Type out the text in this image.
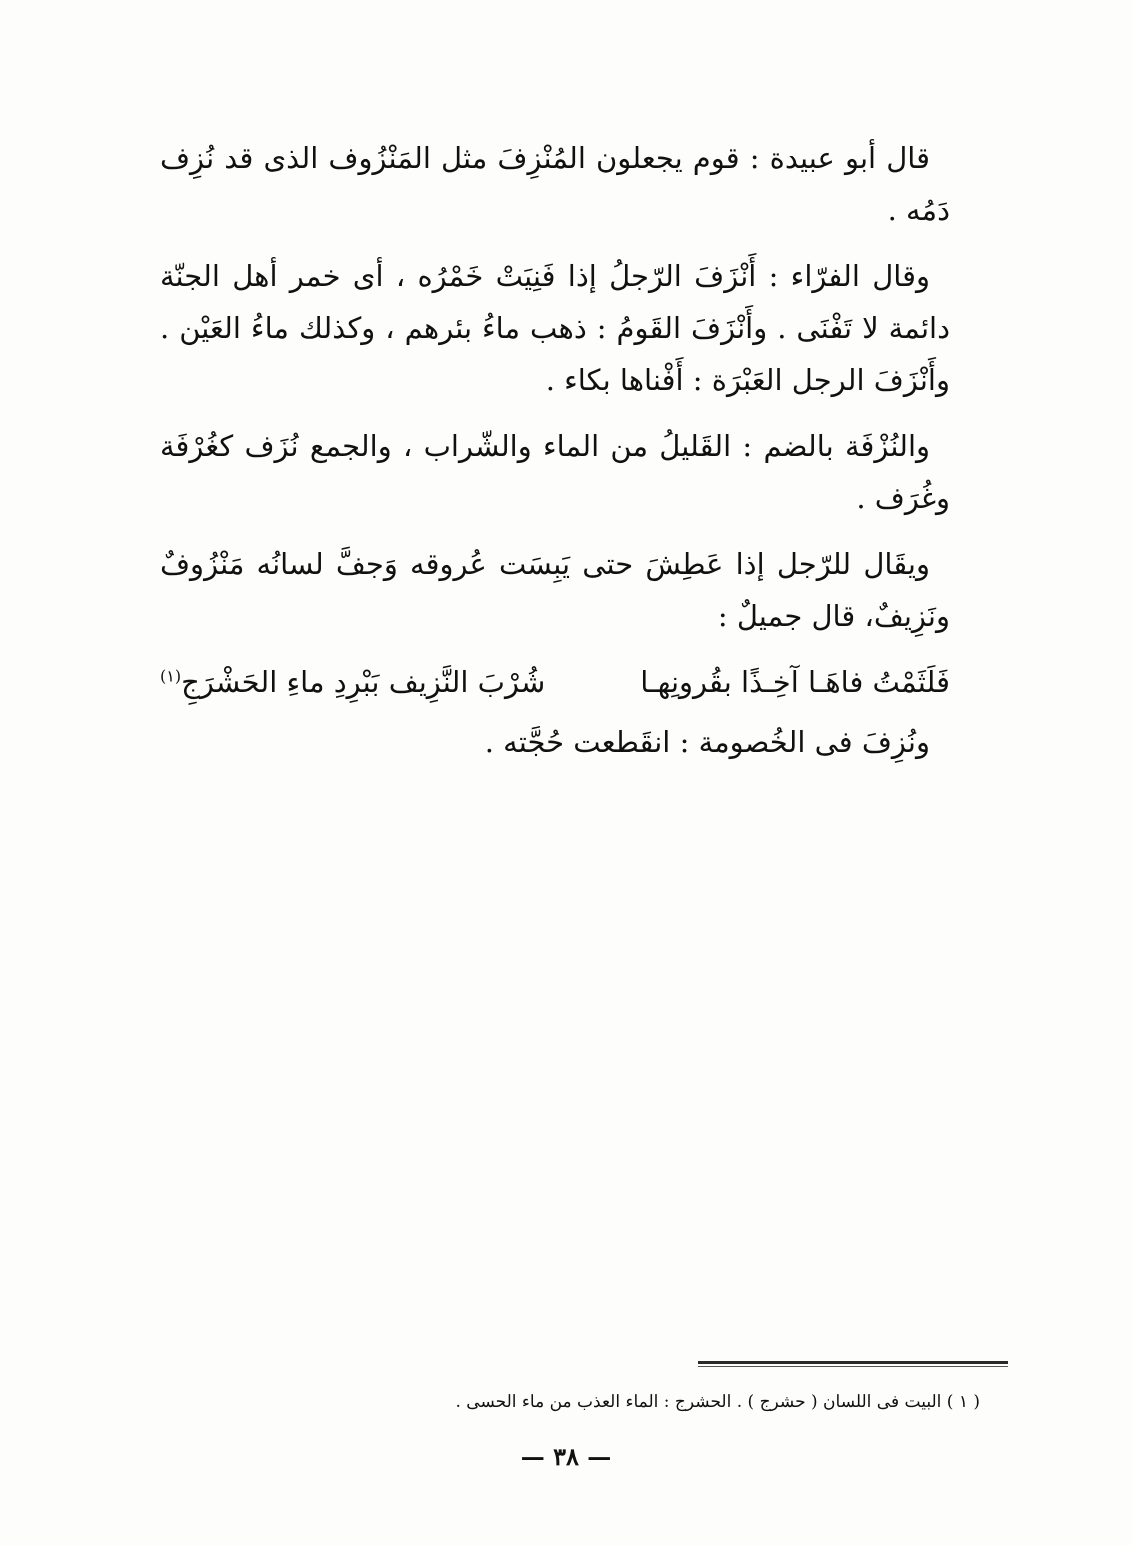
قال أبو عبيدة : قوم يجعلون المُنْزِفَ مثل المَنْزُوف الذى قد نُزِف دَمُه .

وقال الفرّاء : أَنْزَفَ الرّجلُ إذا فَنِيَتْ خَمْرُه ، أى خمر أهل الجنّة دائمة لا تَفْنَى . وأَنْزَفَ القَومُ : ذهب ماءُ بئرهم ، وكذلك ماءُ العَيْن . وأَنْزَفَ الرجل العَبْرَة : أَفْناها بكاء .

والنُزْفَة بالضم : القَليلُ من الماء والشّراب ، والجمع نُزَف كغُرْفَة وغُرَف .

ويقَال للرّجل إذا عَطِشَ حتى يَبِسَت عُروقه وَجفَّ لسانُه مَنْزُوفٌ ونَزِيفٌ، قال جميلٌ :

فَلَثَمْتُ فاهَـا آخِـذًا بقُرونِهـا
شُرْبَ النَّزِيف بَبْرِدِ ماءِ الحَشْرَجِ$^{(١)}$

ونُزِفَ فى الخُصومة : انقَطعت حُجَّته .

( ١ ) البيت فى اللسان ( حشرج ) . الحشرج : الماء العذب من ماء الحسى .
— ٣٨ —
